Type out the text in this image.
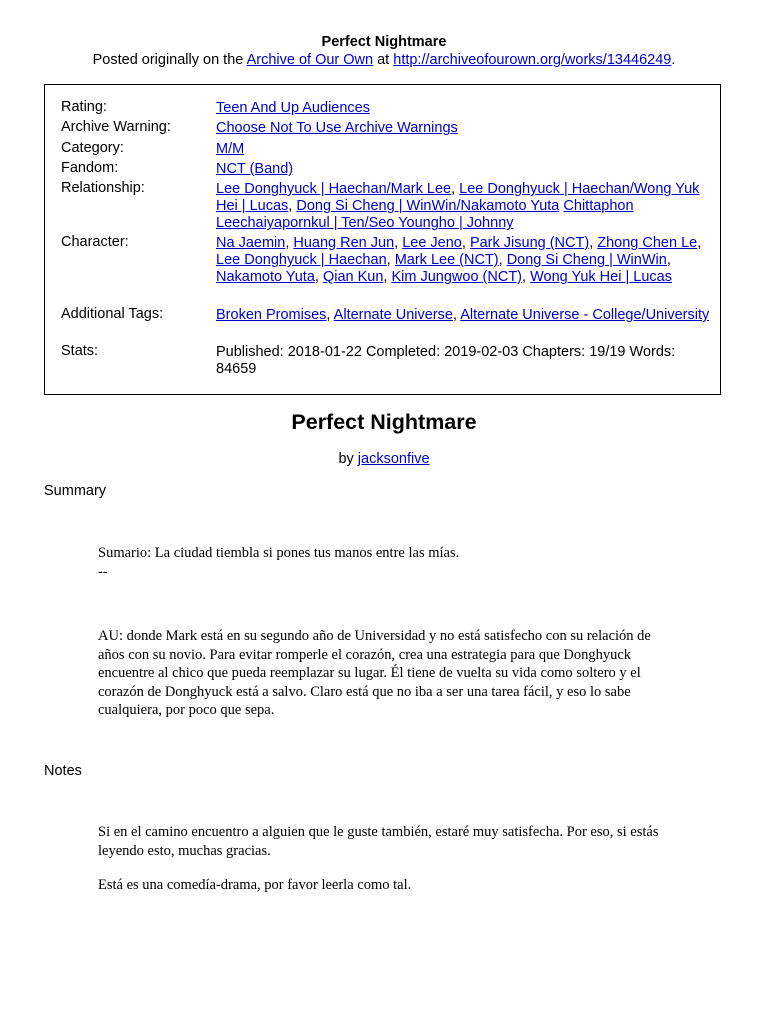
Perfect Nightmare
Posted originally on the Archive of Our Own at http://archiveofourown.org/works/13446249.
Rating:	Teen And Up Audiences
Archive Warning:	Choose Not To Use Archive Warnings
Category:	M/M
Fandom:	NCT (Band)
Relationship:	Lee Donghyuck | Haechan/Mark Lee, Lee Donghyuck | Haechan/Wong Yuk Hei | Lucas, Dong Si Cheng | WinWin/Nakamoto Yuta Chittaphon Leechaiyapornkul | Ten/Seo Youngho | Johnny
Character:	Na Jaemin, Huang Ren Jun, Lee Jeno, Park Jisung (NCT), Zhong Chen Le, Lee Donghyuck | Haechan, Mark Lee (NCT), Dong Si Cheng | WinWin, Nakamoto Yuta, Qian Kun, Kim Jungwoo (NCT), Wong Yuk Hei | Lucas
Additional Tags:	Broken Promises, Alternate Universe, Alternate Universe - College/University
Stats:	Published: 2018-01-22 Completed: 2019-02-03 Chapters: 19/19 Words: 84659
Perfect Nightmare
by jacksonfive
Summary
Sumario: La ciudad tiembla si pones tus manos entre las mías.
--
AU: donde Mark está en su segundo año de Universidad y no está satisfecho con su relación de años con su novio. Para evitar romperle el corazón, crea una estrategia para que Donghyuck encuentre al chico que pueda reemplazar su lugar. Él tiene de vuelta su vida como soltero y el corazón de Donghyuck está a salvo. Claro está que no iba a ser una tarea fácil, y eso lo sabe cualquiera, por poco que sepa.
Notes
Si en el camino encuentro a alguien que le guste también, estaré muy satisfecha. Por eso, si estás leyendo esto, muchas gracias.
Está es una comedía-drama, por favor leerla como tal.
